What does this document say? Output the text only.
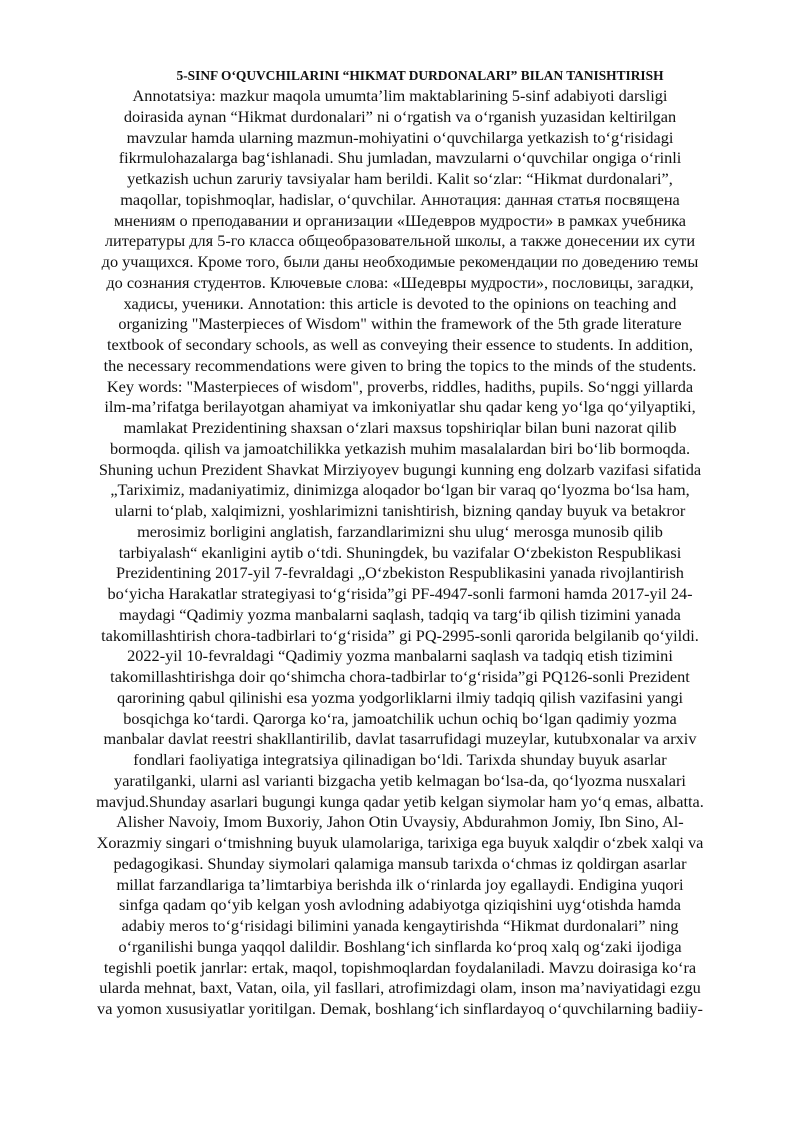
5-SINF O‘QUVCHILARINI “HIKMAT DURDONALARI” BILAN TANISHTIRISH

Annotatsiya: mazkur maqola umumta’lim maktablarining 5-sinf adabiyoti darsligi
doirasida aynan “Hikmat durdonalari” ni o‘rgatish va o‘rganish yuzasidan keltirilgan
mavzular hamda ularning mazmun-mohiyatini o‘quvchilarga yetkazish to‘g‘risidagi
fikrmulohazalarga bag‘ishlanadi. Shu jumladan, mavzularni o‘quvchilar ongiga o‘rinli
yetkazish uchun zaruriy tavsiyalar ham berildi. Kalit so‘zlar: “Hikmat durdonalari”,
maqollar, topishmoqlar, hadislar, o‘quvchilar. Аннотация: данная статья посвящена
мнениям о преподавании и организации «Шедевров мудрости» в рамках учебника
литературы для 5-го класса общеобразовательной школы, а также донесении их сути
до учащихся. Кроме того, были даны необходимые рекомендации по доведению темы
до сознания студентов. Ключевые слова: «Шедевры мудрости», пословицы, загадки,
хадисы, ученики. Annotation: this article is devoted to the opinions on teaching and
organizing "Masterpieces of Wisdom" within the framework of the 5th grade literature
textbook of secondary schools, as well as conveying their essence to students. In addition,
the necessary recommendations were given to bring the topics to the minds of the students.
Key words: "Masterpieces of wisdom", proverbs, riddles, hadiths, pupils. So‘nggi yillarda
ilm-ma’rifatga berilayotgan ahamiyat va imkoniyatlar shu qadar keng yo‘lga qo‘yilyaptiki,
mamlakat Prezidentining shaxsan o‘zlari maxsus topshiriqlar bilan buni nazorat qilib
bormoqda. qilish va jamoatchilikka yetkazish muhim masalalardan biri bo‘lib bormoqda.
Shuning uchun Prezident Shavkat Mirziyoyev bugungi kunning eng dolzarb vazifasi sifatida
„Tariximiz, madaniyatimiz, dinimizga aloqador bo‘lgan bir varaq qo‘lyozma bo‘lsa ham,
ularni to‘plab, xalqimizni, yoshlarimizni tanishtirish, bizning qanday buyuk va betakror
merosimiz borligini anglatish, farzandlarimizni shu ulug‘ merosga munosib qilib
tarbiyalash“ ekanligini aytib o‘tdi. Shuningdek, bu vazifalar O‘zbekiston Respublikasi
Prezidentining 2017-yil 7-fevraldagi „O‘zbekiston Respublikasini yanada rivojlantirish
bo‘yicha Harakatlar strategiyasi to‘g‘risida”gi PF-4947-sonli farmoni hamda 2017-yil 24-
maydagi “Qadimiy yozma manbalarni saqlash, tadqiq va targ‘ib qilish tizimini yanada
takomillashtirish chora-tadbirlari to‘g‘risida” gi PQ-2995-sonli qarorida belgilanib qo‘yildi.
2022-yil 10-fevraldagi “Qadimiy yozma manbalarni saqlash va tadqiq etish tizimini
takomillashtirishga doir qo‘shimcha chora-tadbirlar to‘g‘risida”gi PQ126-sonli Prezident
qarorining qabul qilinishi esa yozma yodgorliklarni ilmiy tadqiq qilish vazifasini yangi
bosqichga ko‘tardi. Qarorga ko‘ra, jamoatchilik uchun ochiq bo‘lgan qadimiy yozma
manbalar davlat reestri shakllantirilib, davlat tasarrufidagi muzeylar, kutubxonalar va arxiv
fondlari faoliyatiga integratsiya qilinadigan bo‘ldi. Tarixda shunday buyuk asarlar
yaratilganki, ularni asl varianti bizgacha yetib kelmagan bo‘lsa-da, qo‘lyozma nusxalari
mavjud.Shunday asarlari bugungi kunga qadar yetib kelgan siymolar ham yo‘q emas, albatta.
Alisher Navoiy, Imom Buxoriy, Jahon Otin Uvaysiy, Abdurahmon Jomiy, Ibn Sino, Al-
Xorazmiy singari o‘tmishning buyuk ulamolariga, tarixiga ega buyuk xalqdir o‘zbek xalqi va
pedagogikasi. Shunday siymolari qalamiga mansub tarixda o‘chmas iz qoldirgan asarlar
millat farzandlariga ta’limtarbiya berishda ilk o‘rinlarda joy egallaydi. Endigina yuqori
sinfga qadam qo‘yib kelgan yosh avlodning adabiyotga qiziqishini uyg‘otishda hamda
adabiy meros to‘g‘risidagi bilimini yanada kengaytirishda “Hikmat durdonalari” ning
o‘rganilishi bunga yaqqol dalildir. Boshlang‘ich sinflarda ko‘proq xalq og‘zaki ijodiga
tegishli poetik janrlar: ertak, maqol, topishmoqlardan foydalaniladi. Mavzu doirasiga ko‘ra
ularda mehnat, baxt, Vatan, oila, yil fasllari, atrofimizdagi olam, inson ma’naviyatidagi ezgu
va yomon xususiyatlar yoritilgan. Demak, boshlang‘ich sinflardayoq o‘quvchilarning badiiy-
